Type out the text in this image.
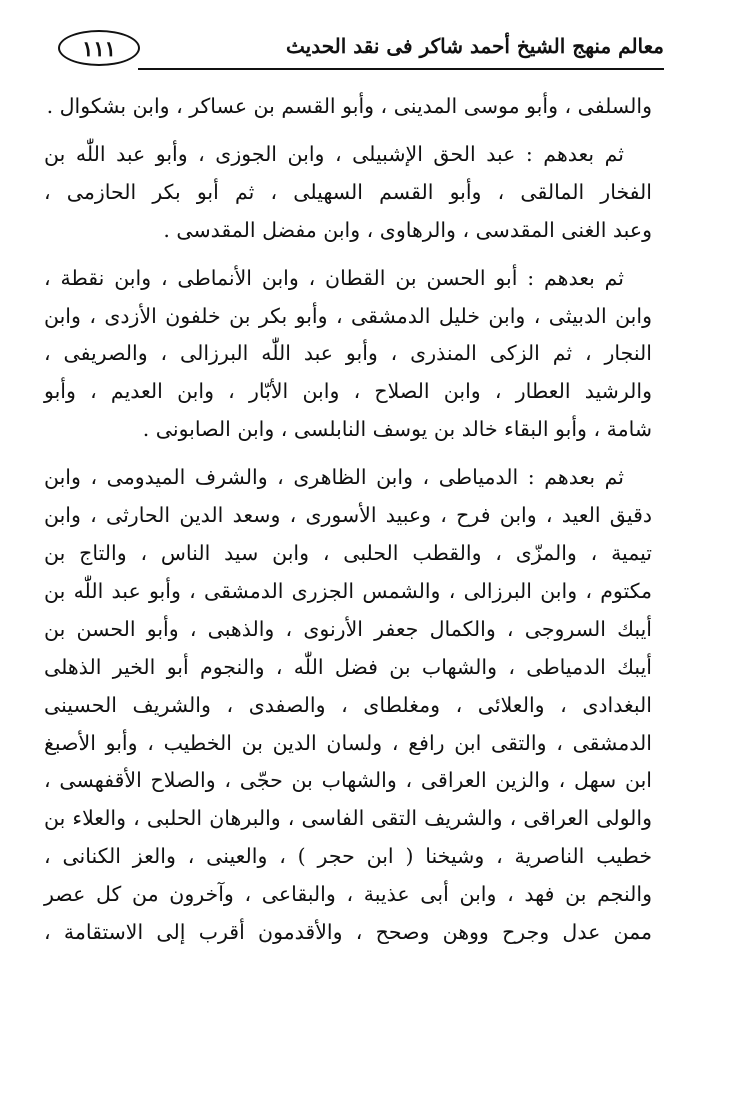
١١١	معالم منهج الشيخ أحمد شاكر فى نقد الحديث
والسلفى ، وأبو موسى المدينى ، وأبو القسم بن عساكر ، وابن بشكوال .
ثم بعدهم : عبد الحق الإشبيلى ، وابن الجوزى ، وأبو عبد اللّٰه بن
الفخار المالقى ، وأبو القسم السهيلى ، ثم أبو بكر الحازمى ،
وعبد الغنى المقدسى ، والرهاوى ، وابن مفضل المقدسى .
ثم بعدهم : أبو الحسن بن القطان ، وابن الأنماطى ، وابن نقطة ،
وابن الدبيثى ، وابن خليل الدمشقى ، وأبو بكر بن خلفون الأزدى ، وابن
النجار ، ثم الزكى المنذرى ، وأبو عبد اللّٰه البرزالى ، والصريفى ،
والرشيد العطار ، وابن الصلاح ، وابن الأبّار ، وابن العديم ، وأبو
شامة ، وأبو البقاء خالد بن يوسف النابلسى ، وابن الصابونى .
ثم بعدهم : الدمياطى ، وابن الظاهرى ، والشرف الميدومى ، وابن
دقيق العيد ، وابن فرح ، وعبيد الأسورى ، وسعد الدين الحارثى ، وابن
تيمية ، والمزّى ، والقطب الحلبى ، وابن سيد الناس ، والتاج بن
مكتوم ، وابن البرزالى ، والشمس الجزرى الدمشقى ، وأبو عبد اللّٰه بن
أيبك السروجى ، والكمال جعفر الأرنوى ، والذهبى ، وأبو الحسن بن
أيبك الدمياطى ، والشهاب بن فضل اللّٰه ، والنجوم أبو الخير الذهلى
البغدادى ، والعلائى ، ومغلطاى ، والصفدى ، والشريف الحسينى
الدمشقى ، والتقى ابن رافع ، ولسان الدين بن الخطيب ، وأبو الأصبغ
ابن سهل ، والزين العراقى ، والشهاب بن حجّى ، والصلاح الأقفهسى ،
والولى العراقى ، والشريف التقى الفاسى ، والبرهان الحلبى ، والعلاء بن
خطيب الناصرية ، وشيخنا ( ابن حجر ) ، والعينى ، والعز الكنانى ،
والنجم بن فهد ، وابن أبى عذيبة ، والبقاعى ، وآخرون من كل عصر
ممن عدل وجرح ووهن وصحح ، والأقدمون أقرب إلى الاستقامة ،
